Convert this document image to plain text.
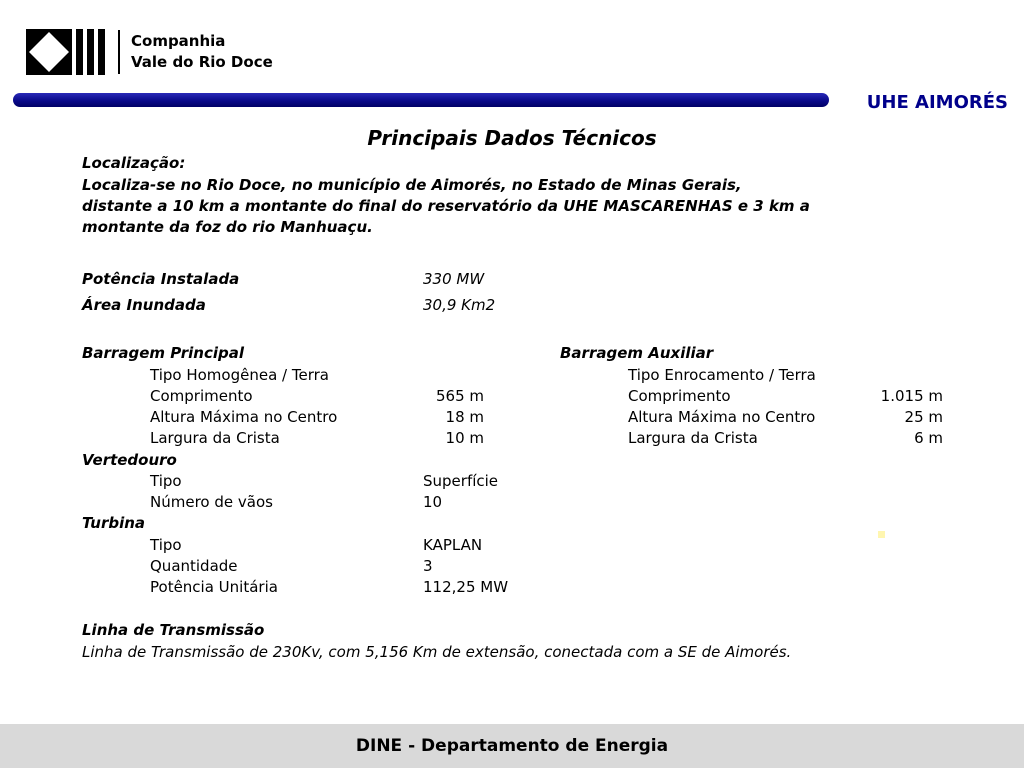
Companhia
Vale do Rio Doce
UHE AIMORÉS
Principais Dados Técnicos
Localização:
Localiza-se no Rio Doce, no município de Aimorés, no Estado de Minas Gerais,
distante a 10 km a montante do final do reservatório da UHE MASCARENHAS e 3 km a
montante da foz do rio Manhuaçu.
Potência Instalada	330 MW
Área Inundada	30,9 Km2
Barragem Principal
Tipo Homogênea / Terra
Comprimento	565 m
Altura Máxima no Centro	18 m
Largura da Crista	10 m
Barragem Auxiliar
Tipo Enrocamento / Terra
Comprimento	1.015 m
Altura Máxima no Centro	25 m
Largura da Crista	6 m
Vertedouro
Tipo	Superfície
Número de vãos	10
Turbina
Tipo	KAPLAN
Quantidade	3
Potência Unitária	112,25 MW
Linha de Transmissão
Linha de Transmissão de 230Kv, com 5,156 Km de extensão, conectada com a SE de Aimorés.
DINE - Departamento de Energia
